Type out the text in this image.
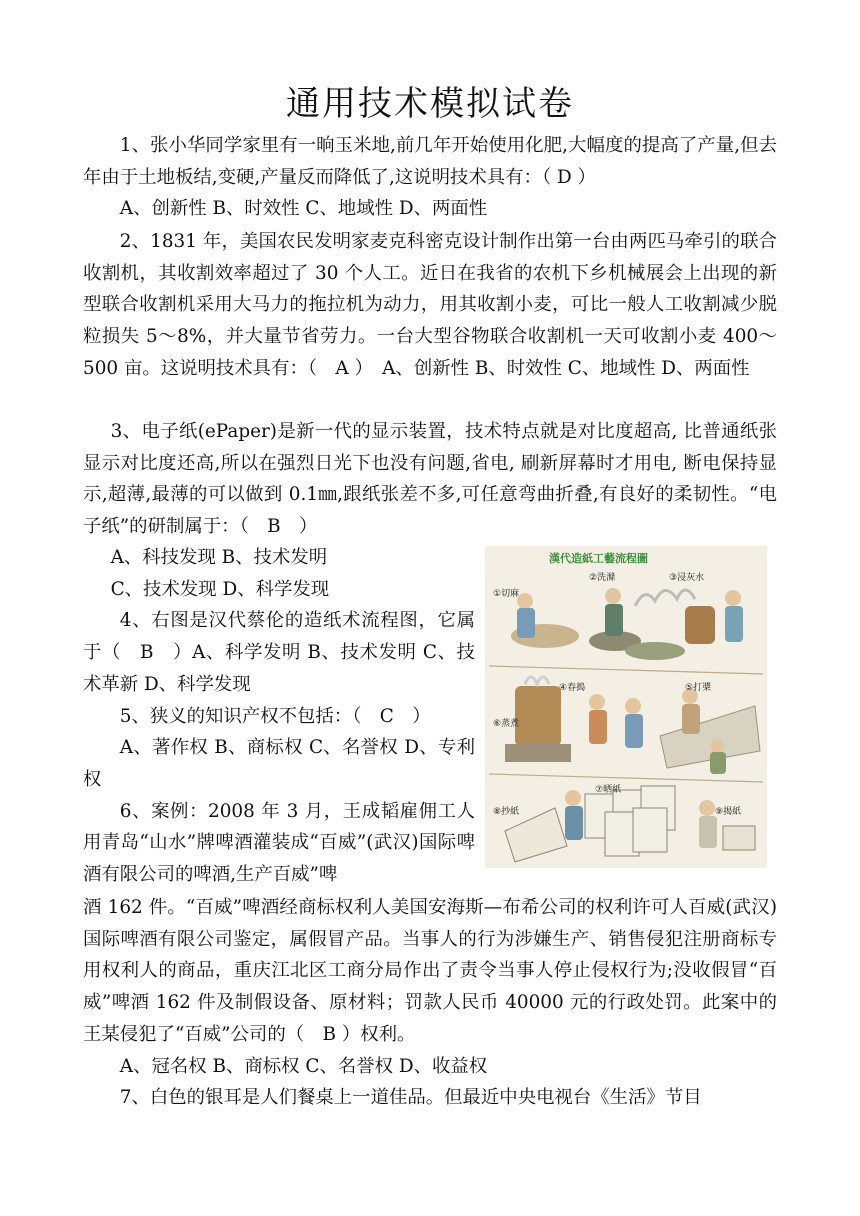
通用技术模拟试卷

1、张小华同学家里有一晌玉米地,前几年开始使用化肥,大幅度的提高了产量,但去年由于土地板结,变硬,产量反而降低了,这说明技术具有：（ D ）

A、创新性 B、时效性 C、地域性 D、两面性

2、1831 年，美国农民发明家麦克科密克设计制作出第一台由两匹马牵引的联合收割机，其收割效率超过了 30 个人工。近日在我省的农机下乡机械展会上出现的新型联合收割机采用大马力的拖拉机为动力，用其收割小麦，可比一般人工收割减少脱粒损失 5～8%，并大量节省劳力。一台大型谷物联合收割机一天可收割小麦 400～500 亩。这说明技术具有：（　A ）　A、创新性 B、时效性 C、地域性 D、两面性

3、电子纸(ePaper)是新一代的显示装置，技术特点就是对比度超高, 比普通纸张显示对比度还高,所以在强烈日光下也没有问题,省电, 刷新屏幕时才用电, 断电保持显示,超薄,最薄的可以做到 0.1㎜,跟纸张差不多,可任意弯曲折叠,有良好的柔韧性。“电子纸”的研制属于：（　B　）

A、科技发现 B、技术发明

C、技术发现 D、科学发现

4、右图是汉代蔡伦的造纸术流程图，它属于（　B　）A、科学发明 B、技术发明 C、技术革新 D、科学发现

5、狭义的知识产权不包括：（　C　）

A、著作权 B、商标权 C、名誉权 D、专利权

6、案例：2008 年 3 月，王成韬雇佣工人用青岛“山水”牌啤酒灌装成“百威”(武汉)国际啤酒有限公司的啤酒,生产百威”啤

酒 162 件。“百威”啤酒经商标权利人美国安海斯—布希公司的权利许可人百威(武汉)国际啤酒有限公司鉴定，属假冒产品。当事人的行为涉嫌生产、销售侵犯注册商标专用权利人的商品，重庆江北区工商分局作出了责令当事人停止侵权行为;没收假冒“百威”啤酒 162 件及制假设备、原材料；罚款人民币 40000 元的行政处罚。此案中的王某侵犯了“百威”公司的（　B ）权利。

A、冠名权 B、商标权 C、名誉权 D、收益权

7、白色的银耳是人们餐桌上一道佳品。但最近中央电视台《生活》节目

漢代造紙工藝流程圖
①切麻
②洗滌	③浸灰水
④春搗	⑤打槳
⑥蒸煮
⑦晒紙
⑧抄紙	⑨揭紙
